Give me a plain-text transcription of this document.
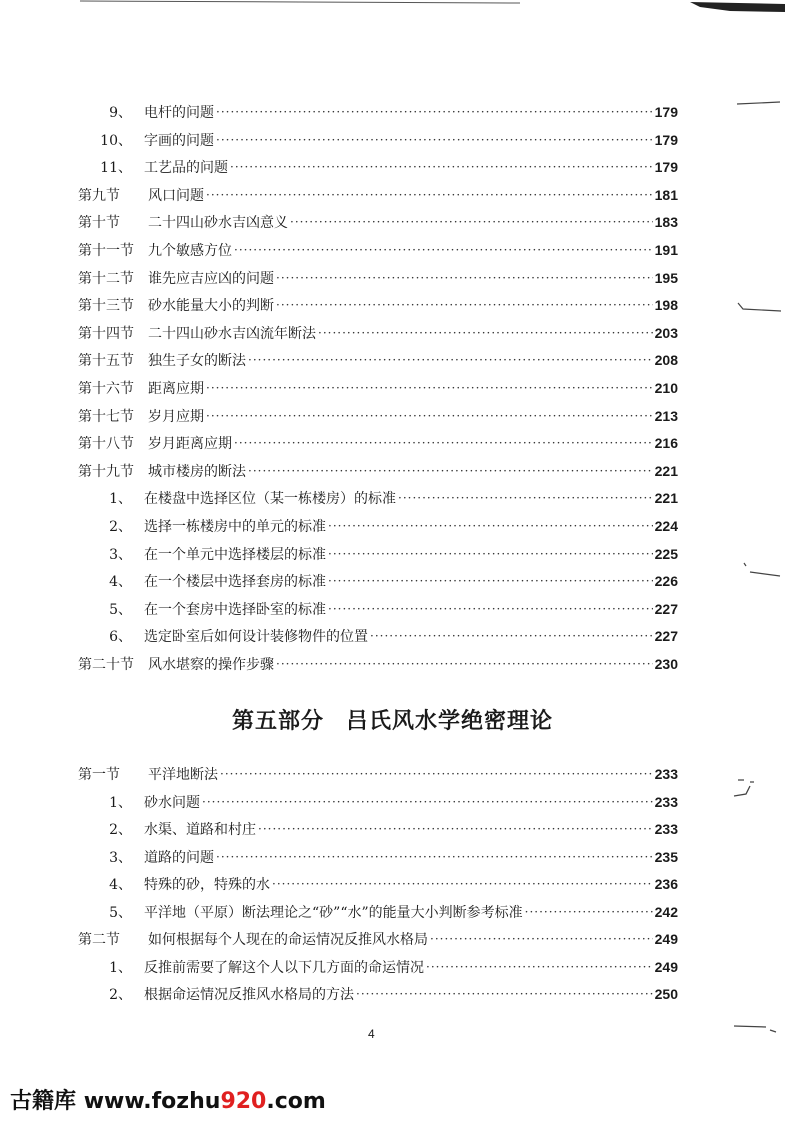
9、 电杆的问题 ·····	179
10、 字画的问题 ·····	179
11、 工艺品的问题 ·····	179
第九节	风口问题 ·····	181
第十节	二十四山砂水吉凶意义 ·····	183
第十一节	九个敏感方位 ·····	191
第十二节	谁先应吉应凶的问题 ·····	195
第十三节	砂水能量大小的判断 ·····	198
第十四节	二十四山砂水吉凶流年断法 ·····	203
第十五节	独生子女的断法 ·····	208
第十六节	距离应期 ·····	210
第十七节	岁月应期 ·····	213
第十八节	岁月距离应期 ·····	216
第十九节	城市楼房的断法 ·····	221
1、 在楼盘中选择区位（某一栋楼房）的标准 ·····	221
2、 选择一栋楼房中的单元的标准 ·····	224
3、 在一个单元中选择楼层的标准 ·····	225
4、 在一个楼层中选择套房的标准 ·····	226
5、 在一个套房中选择卧室的标准 ·····	227
6、 选定卧室后如何设计装修物件的位置 ·····	227
第二十节	风水堪察的操作步骤 ·····	230
第五部分 吕氏风水学绝密理论
第一节	平洋地断法 ·····	233
1、 砂水问题 ·····	233
2、 水渠、道路和村庄 ·····	233
3、 道路的问题 ·····	235
4、 特殊的砂，特殊的水 ·····	236
5、 平洋地（平原）断法理论之“砂”“水”的能量大小判断参考标准 ·····	242
第二节	如何根据每个人现在的命运情况反推风水格局 ·····	249
1、 反推前需要了解这个人以下几方面的命运情况 ·····	249
2、 根据命运情况反推风水格局的方法 ·····	250
4
古籍库 www.fozhu920.com
